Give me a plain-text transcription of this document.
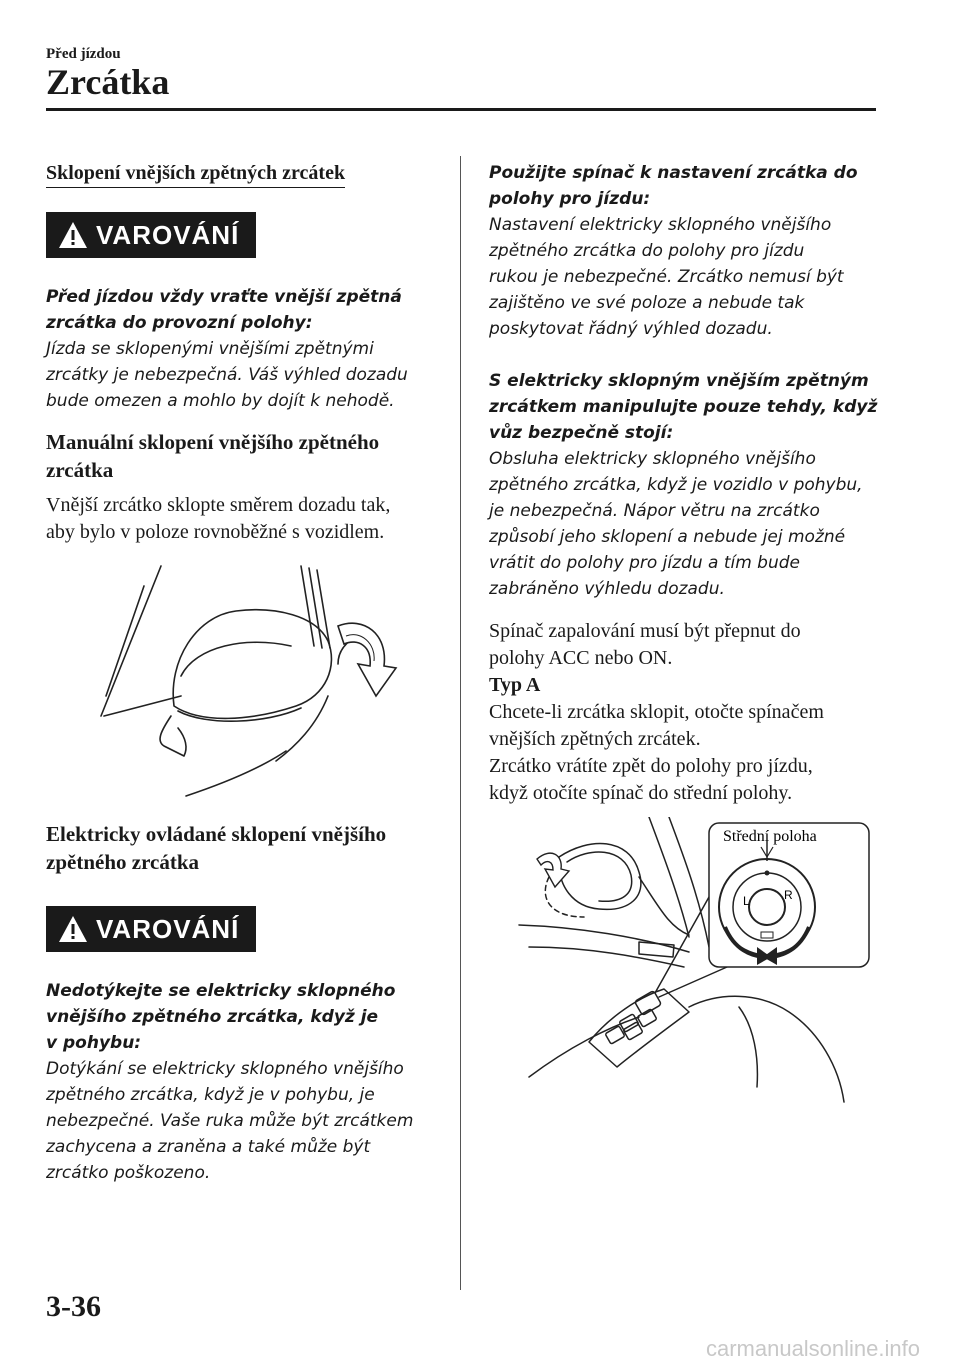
Před jízdou
Zrcátka
Sklopení vnějších zpětných zrcátek
VAROVÁNÍ

Před jízdou vždy vraťte vnější zpětná

zrcátka do provozní polohy:

Jízda se sklopenými vnějšími zpětnými

zrcátky je nebezpečná. Váš výhled dozadu

bude omezen a mohlo by dojít k nehodě.

Manuální sklopení vnějšího zpětného

zrcátka

Vnější zrcátko sklopte směrem dozadu tak,

aby bylo v poloze rovnoběžné s vozidlem.

Elektricky ovládané sklopení vnějšího

zpětného zrcátka

VAROVÁNÍ

Nedotýkejte se elektricky sklopného

vnějšího zpětného zrcátka, když je

v pohybu:

Dotýkání se elektricky sklopného vnějšího

zpětného zrcátka, když je v pohybu, je

nebezpečné. Vaše ruka může být zrcátkem

zachycena a zraněna a také může být

zrcátko poškozeno.

Použijte spínač k nastavení zrcátka do

polohy pro jízdu:

Nastavení elektricky sklopného vnějšího

zpětného zrcátka do polohy pro jízdu

rukou je nebezpečné. Zrcátko nemusí být

zajištěno ve své poloze a nebude tak

poskytovat řádný výhled dozadu.

S elektricky sklopným vnějším zpětným

zrcátkem manipulujte pouze tehdy, když

vůz bezpečně stojí:

Obsluha elektricky sklopného vnějšího

zpětného zrcátka, když je vozidlo v pohybu,

je nebezpečná. Nápor větru na zrcátko

způsobí jeho sklopení a nebude jej možné

vrátit do polohy pro jízdu a tím bude

zabráněno výhledu dozadu.

Spínač zapalování musí být přepnut do

polohy ACC nebo ON.

Typ A

Chcete-li zrcátka sklopit, otočte spínačem

vnějších zpětných zrcátek.

Zrcátko vrátíte zpět do polohy pro jízdu,

když otočíte spínač do střední polohy.

Střední poloha
L	R
3-36
carmanualsonline.info
